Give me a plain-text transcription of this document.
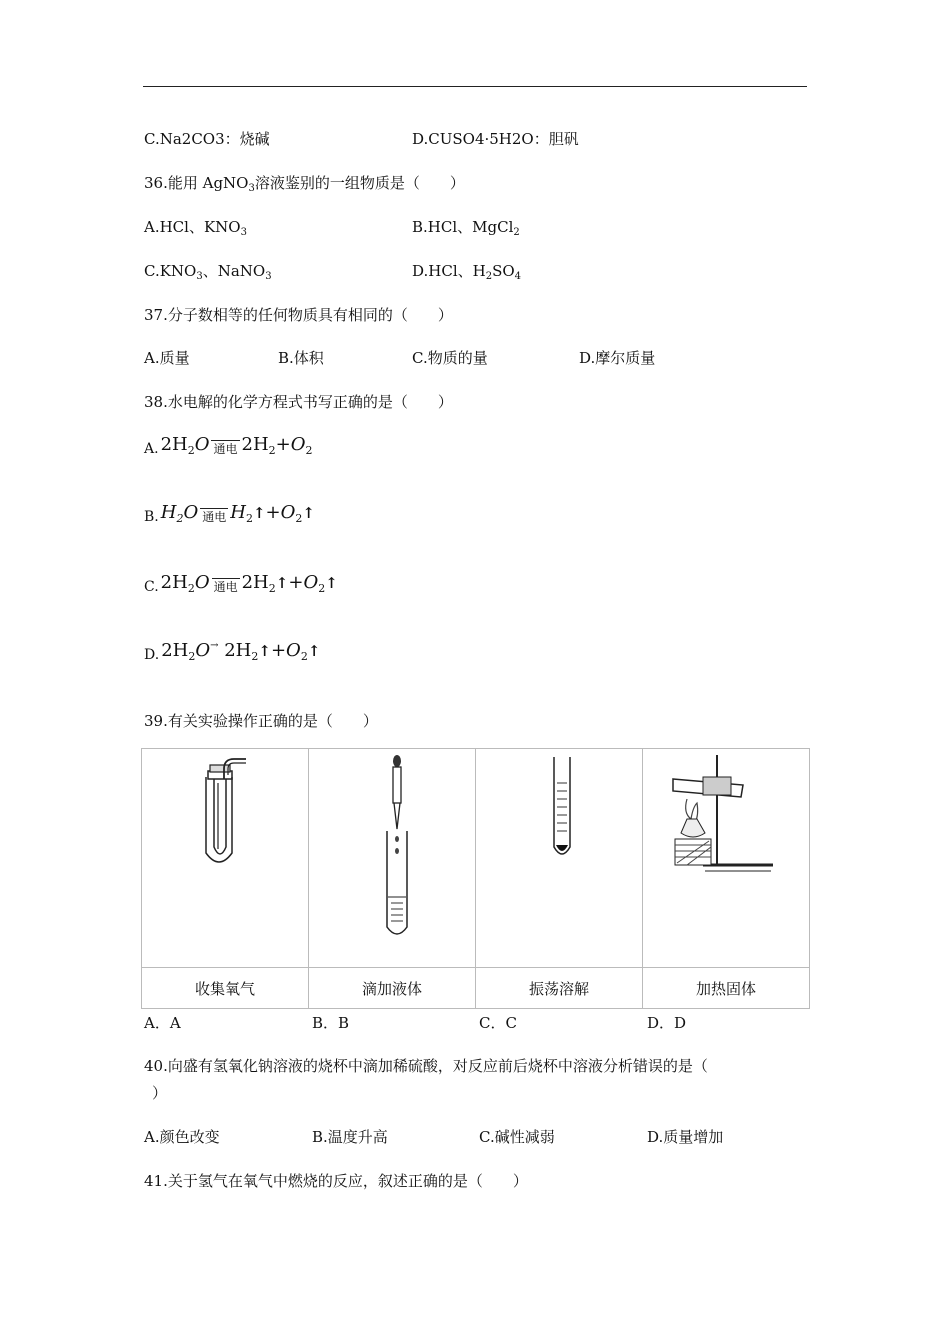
C.Na2CO3：烧碱	D.CUSO4·5H2O：胆矾
36.能用 AgNO$_3$溶液鉴别的一组物质是（　　）
A.HCl、$KNO_3$	B.HCl、MgCl$_2$
$C.KNO_3$、NaNO$_3$	D.HCl、$H_2SO_4$
37.分子数相等的任何物质具有相同的（　　）
A.质量	B.体积	C.物质的量	D.摩尔质量
38.水电解的化学方程式书写正确的是（　　）
A. $2H_2O$ 通电 $2H_2+O_2$
B. $H_2O$ 通电 $H_2↑+O_2↑$
C. $2H_2O$ 通电 $2H_2↑+O_2↑$
D. $2H_2O^\to$ $2H_2↑+O_2↑$
39.有关实验操作正确的是（　　）

收集氧气	滴加液体	振荡溶解	加热固体
A．A	B．B	C．C	D．D
40.向盛有氢氧化钠溶液的烧杯中滴加稀硫酸，对反应前后烧杯中溶液分析错误的是（
）
A.颜色改变	B.温度升高	C.碱性减弱	D.质量增加
41.关于氢气在氧气中燃烧的反应，叙述正确的是（　　）
